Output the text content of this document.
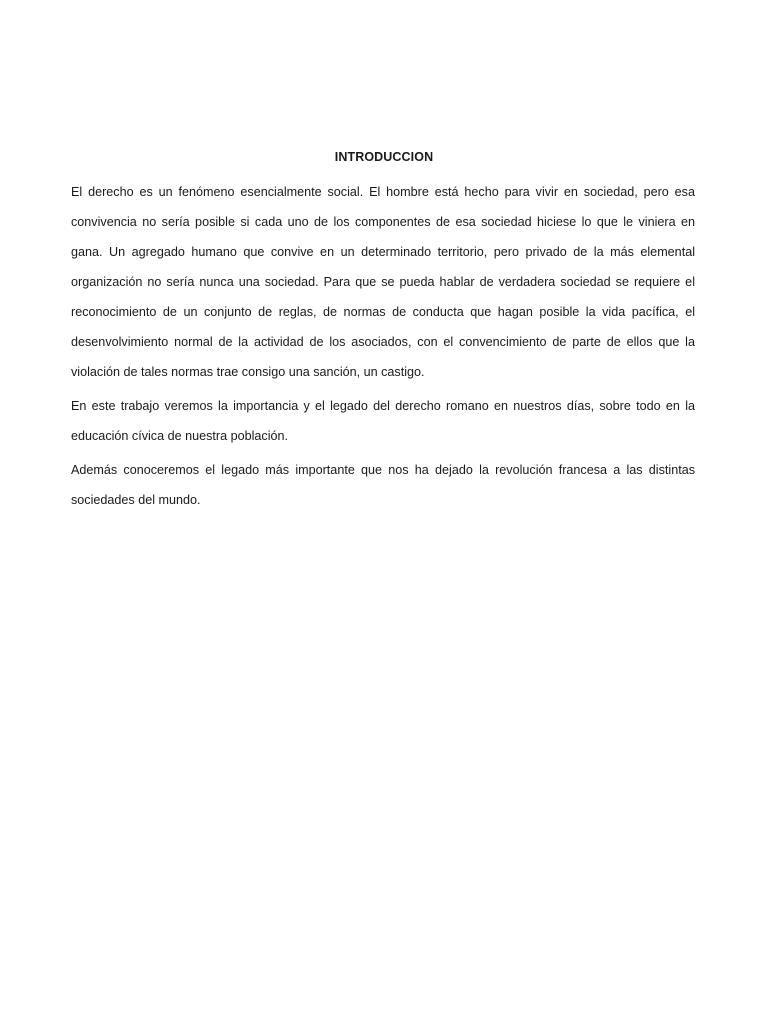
INTRODUCCION

El derecho es un fenómeno esencialmente social. El hombre está hecho para vivir en sociedad, pero esa convivencia no sería posible si cada uno de los componentes de esa sociedad hiciese lo que le viniera en gana. Un agregado humano que convive en un determinado territorio, pero privado de la más elemental organización no sería nunca una sociedad. Para que se pueda hablar de verdadera sociedad se requiere el reconocimiento de un conjunto de reglas, de normas de conducta que hagan posible la vida pacífica, el desenvolvimiento normal de la actividad de los asociados, con el convencimiento de parte de ellos que la violación de tales normas trae consigo una sanción, un castigo.

En este trabajo veremos la importancia y el legado del derecho romano en nuestros días, sobre todo en la educación cívica de nuestra población.

Además conoceremos el legado más importante que nos ha dejado la revolución francesa a las distintas sociedades del mundo.
